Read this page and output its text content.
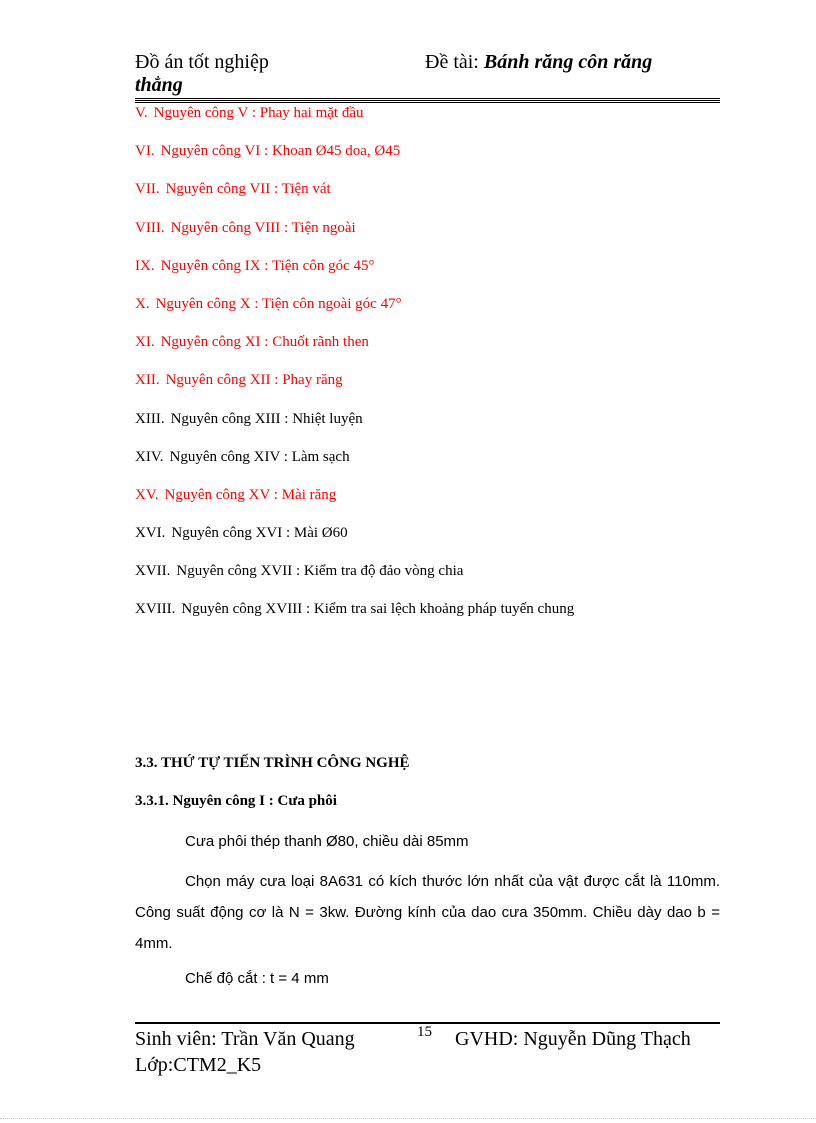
Đồ án tốt nghiệp	Đề tài: Bánh răng côn răng
thẳng
V. Nguyên công V : Phay hai mặt đầu
VI. Nguyên công VI : Khoan Ø45 doa, Ø45
VII. Nguyên công VII : Tiện vát
VIII. Nguyên công VIII : Tiện ngoài
IX. Nguyên công IX : Tiện côn góc 45°
X. Nguyên công X : Tiện côn ngoài góc 47°
XI. Nguyên công XI : Chuốt rãnh then
XII. Nguyên công XII : Phay răng
XIII. Nguyên công XIII : Nhiệt luyện
XIV. Nguyên công XIV : Làm sạch
XV. Nguyên công XV : Mài răng
XVI. Nguyên công XVI : Mài Ø60
XVII. Nguyên công XVII : Kiểm tra độ đảo vòng chia
XVIII. Nguyên công XVIII : Kiểm tra sai lệch khoảng pháp tuyến chung
3.3. THỨ TỰ TIẾN TRÌNH CÔNG NGHỆ
3.3.1. Nguyên công I : Cưa phôi
Cưa phôi thép thanh Ø80, chiều dài 85mm
Chọn máy cưa loại 8A631 có kích thước lớn nhất của vật được cắt là 110mm. Công suất động cơ là N = 3kw. Đường kính của dao cưa 350mm. Chiều dày dao b = 4mm.
Chế độ cắt : t = 4 mm
Sinh viên: Trần Văn Quang	15 GVHD: Nguyễn Dũng Thạch
Lớp:CTM2_K5
